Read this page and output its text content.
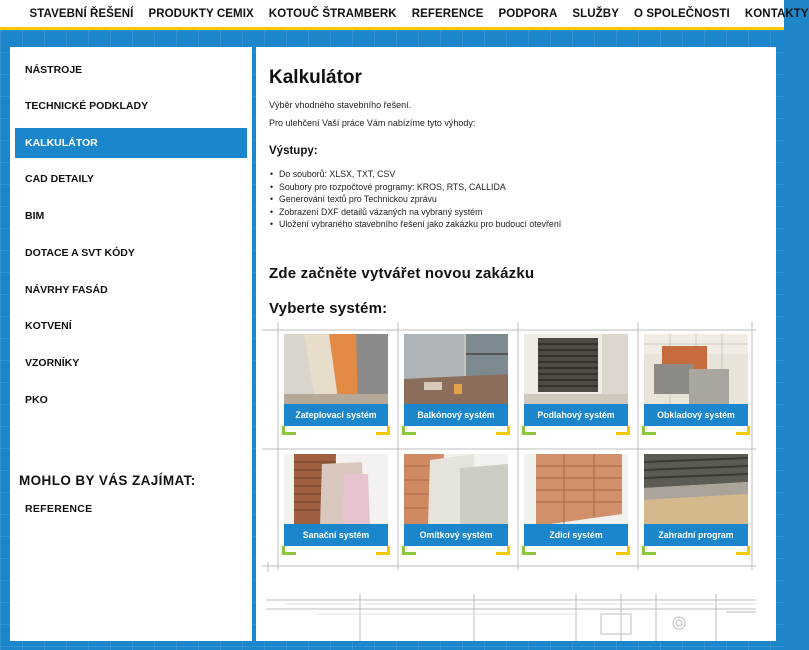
STAVEBNÍ ŘEŠENÍ PRODUKTY CEMIX KOTOUČ ŠTRAMBERK REFERENCE PODPORA SLUŽBY O SPOLEČNOSTI KONTAKTY
NÁSTROJE
TECHNICKÉ PODKLADY
KALKULÁTOR
CAD DETAILY
BIM
DOTACE A SVT KÓDY
NÁVRHY FASÁD
KOTVENÍ
VZORNÍKY
PKO
MOHLO BY VÁS ZAJÍMAT:
REFERENCE
Kalkulátor
Výběr vhodného stavebního řešení.
Pro ulehčení Vaší práce Vám nabízíme tyto výhody:
Výstupy:
• Do souborů: XLSX, TXT, CSV
• Soubory pro rozpočtové programy: KROS, RTS, CALLIDA
• Generování textů pro Technickou zprávu
• Zobrazení DXF detailů vázaných na vybraný systém
• Uložení vybraného stavebního řešení jako zakázku pro budoucí otevření
Zde začněte vytvářet novou zakázku
Vyberte systém:
Zateplovací systém	Balkónový systém	Podlahový systém	Obkladový systém
Sanační systém	Omítkový systém	Zdicí systém	Zahradní program
